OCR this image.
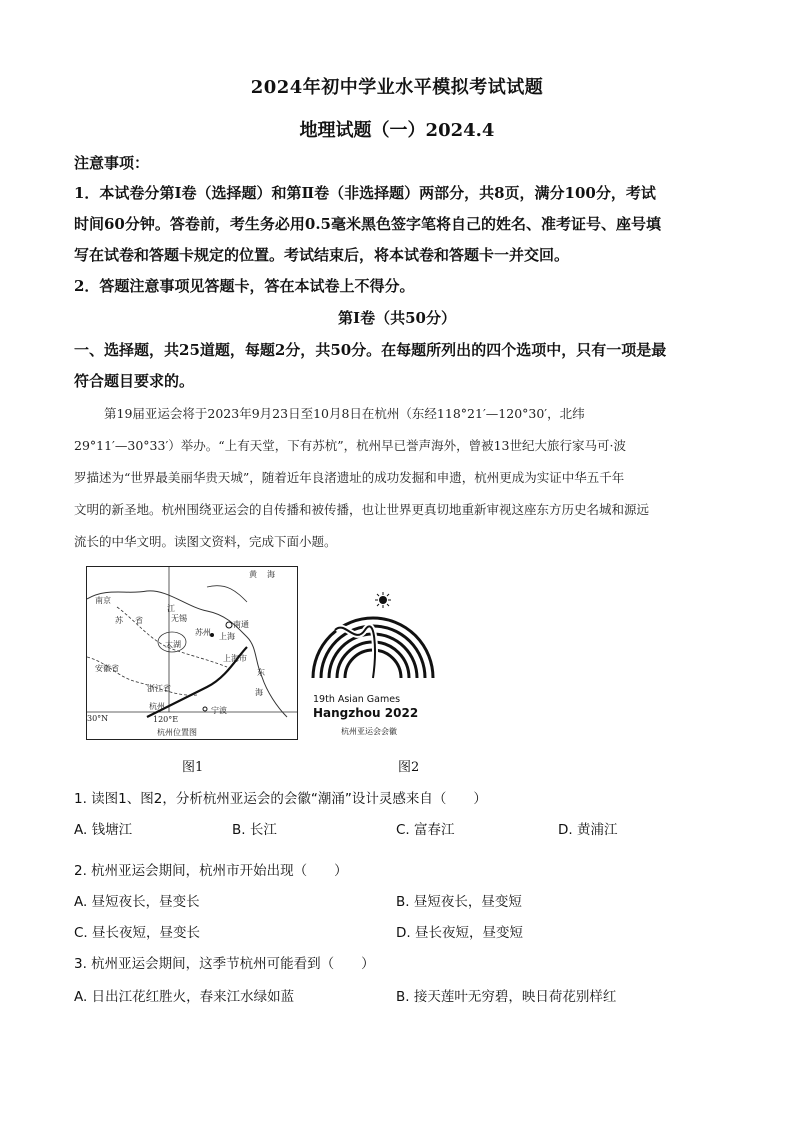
2024年初中学业水平模拟考试试题
地理试题（一）2024.4
注意事项：
1．本试卷分第Ⅰ卷（选择题）和第Ⅱ卷（非选择题）两部分，共8页，满分100分，考试
时间60分钟。答卷前，考生务必用0.5毫米黑色签字笔将自己的姓名、准考证号、座号填
写在试卷和答题卡规定的位置。考试结束后，将本试卷和答题卡一并交回。
2．答题注意事项见答题卡，答在本试卷上不得分。
第Ⅰ卷（共50分）
一、选择题，共25道题，每题2分，共50分。在每题所列出的四个选项中，只有一项是最
符合题目要求的。
第19届亚运会将于2023年9月23日至10月8日在杭州（东经118°21′—120°30′，北纬
29°11′—30°33′）举办。“上有天堂，下有苏杭”，杭州早已誉声海外，曾被13世纪大旅行家马可·波
罗描述为“世界最美丽华贵天城”，随着近年良渚遗址的成功发掘和申遗，杭州更成为实证中华五千年
文明的新圣地。杭州围绕亚运会的自传播和被传播，也让世界更真切地重新审视这座东方历史名城和源远
流长的中华文明。读图文资料，完成下面小题。
黄 海
南京
江
苏 省	南通
无锡
苏州
太湖
上海
上海市
安徽省
浙江省
杭州
东
海
宁波
30°N	120°E
杭州位置图
19th Asian Games
Hangzhou 2022
杭州亚运会会徽
图1	图2
1. 读图1、图2，分析杭州亚运会的会徽“潮涌”设计灵感来自（　　）
A. 钱塘江	B. 长江	C. 富春江	D. 黄浦江
2. 杭州亚运会期间，杭州市开始出现（　　）
A. 昼短夜长，昼变长	B. 昼短夜长，昼变短
C. 昼长夜短，昼变长	D. 昼长夜短，昼变短
3. 杭州亚运会期间，这季节杭州可能看到（　　）
A. 日出江花红胜火，春来江水绿如蓝	B. 接天莲叶无穷碧，映日荷花别样红
